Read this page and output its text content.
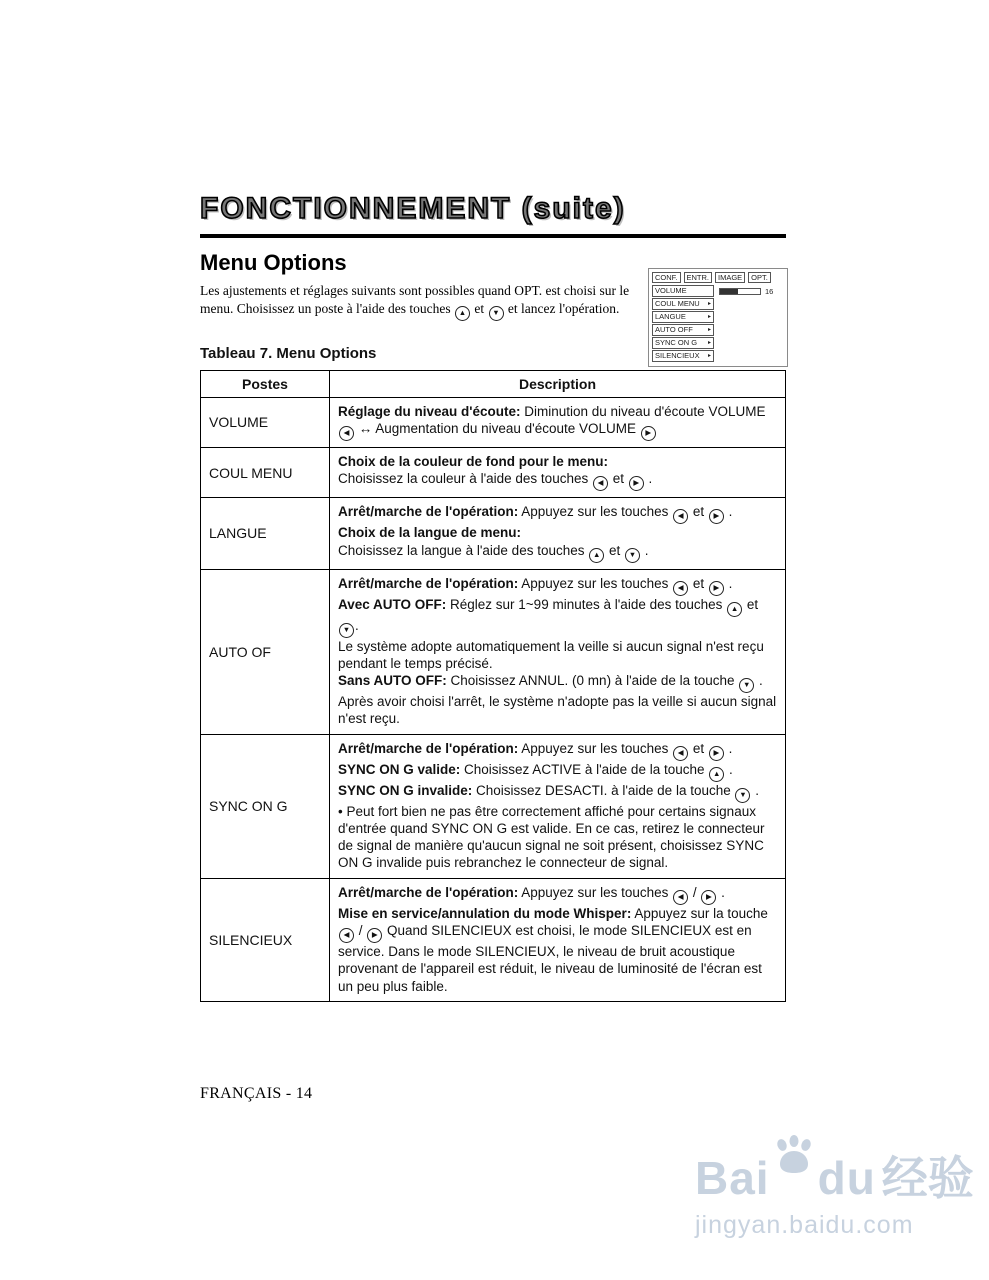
FONCTIONNEMENT (suite)
Menu Options

Les ajustements et réglages suivants sont possibles quand OPT. est choisi sur le menu. Choisissez un poste à l'aide des touches ▲ et ▼ et lancez l'opération.

Tableau 7. Menu Options
Postes	Description
VOLUME	Réglage du niveau d'écoute: Diminution du niveau d'écoute VOLUME
◀ ↔ Augmentation du niveau d'écoute VOLUME ▶

COUL MENU	Choix de la couleur de fond pour le menu:
Choisissez la couleur à l'aide des touches ◀ et ▶ .

LANGUE	Arrêt/marche de l'opération: Appuyez sur les touches ◀ et ▶ .
Choix de la langue de menu:
Choisissez la langue à l'aide des touches ▲ et ▼ .

AUTO OF	Arrêt/marche de l'opération: Appuyez sur les touches ◀ et ▶ .
Avec AUTO OFF: Réglez sur 1~99 minutes à l'aide des touches ▲ et ▼ .
Le système adopte automatiquement la veille si aucun signal n'est reçu pendant le temps précisé.
Sans AUTO OFF: Choisissez ANNUL. (0 mn) à l'aide de la touche ▼ .
Après avoir choisi l'arrêt, le système n'adopte pas la veille si aucun signal n'est reçu.

SYNC ON G	Arrêt/marche de l'opération: Appuyez sur les touches ◀ et ▶ .
SYNC ON G valide: Choisissez ACTIVE à l'aide de la touche ▲ .
SYNC ON G invalide: Choisissez DESACTI. à l'aide de la touche ▼ .
• Peut fort bien ne pas être correctement affiché pour certains signaux d'entrée quand SYNC ON G est valide. En ce cas, retirez le connecteur de signal de manière qu'aucun signal ne soit présent, choisissez SYNC ON G invalide puis rebranchez le connecteur de signal.

SILENCIEUX	Arrêt/marche de l'opération: Appuyez sur les touches ◀ / ▶ .
Mise en service/annulation du mode Whisper: Appuyez sur la touche ◀ / ▶ Quand SILENCIEUX est choisi, le mode SILENCIEUX est en service. Dans le mode SILENCIEUX, le niveau de bruit acoustique provenant de l'appareil est réduit, le niveau de luminosité de l'écran est un peu plus faible.
CONF.	ENTR.	IMAGE	OPT.
VOLUME	16
COUL MENU ▸
LANGUE	▸
AUTO OFF	▸
SYNC ON G ▸
SILENCIEUX ▸
FRANÇAIS - 14
Bai du 经验
jingyan.baidu.com
